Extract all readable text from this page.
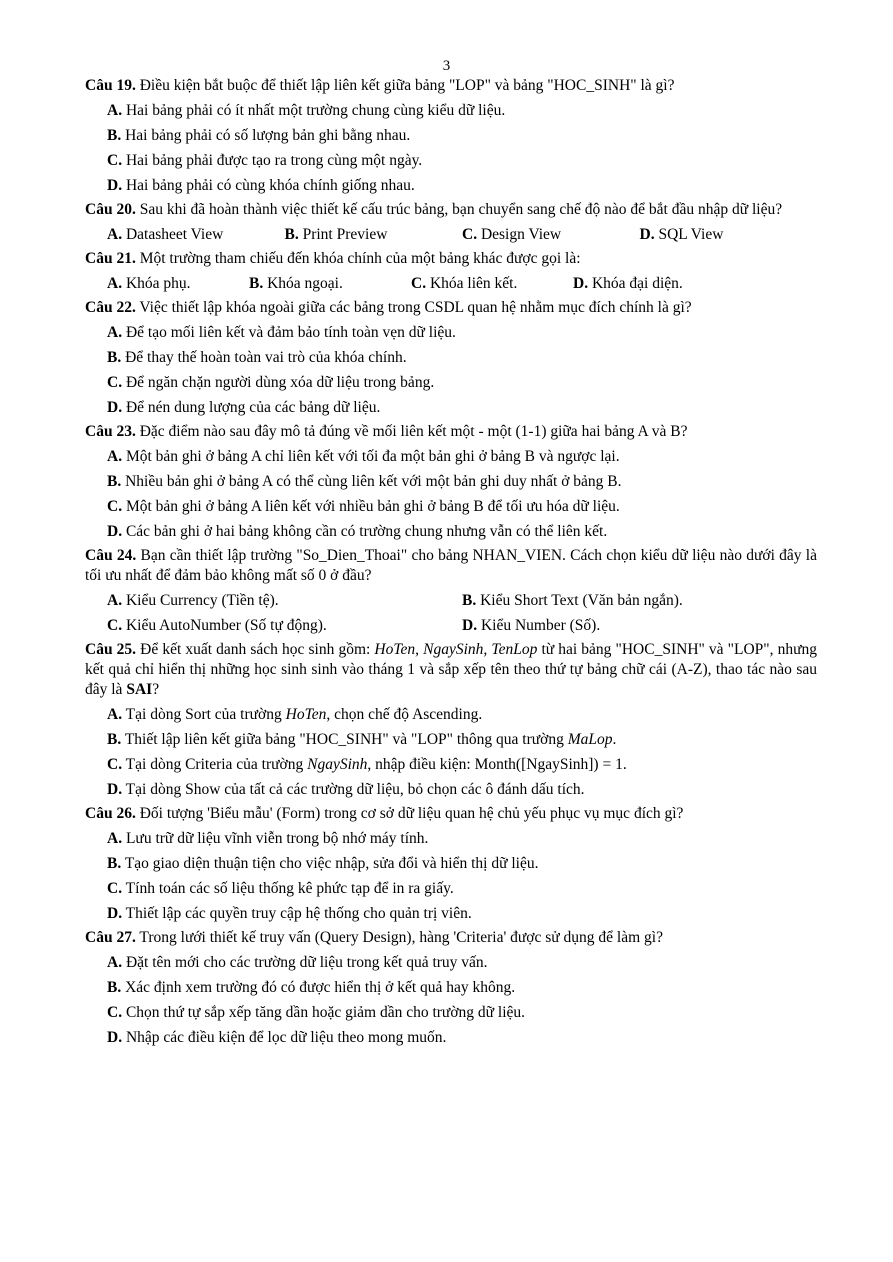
3
Câu 19. Điều kiện bắt buộc để thiết lập liên kết giữa bảng "LOP" và bảng "HOC_SINH" là gì?
A. Hai bảng phải có ít nhất một trường chung cùng kiểu dữ liệu.
B. Hai bảng phải có số lượng bản ghi bằng nhau.
C. Hai bảng phải được tạo ra trong cùng một ngày.
D. Hai bảng phải có cùng khóa chính giống nhau.
Câu 20. Sau khi đã hoàn thành việc thiết kế cấu trúc bảng, bạn chuyển sang chế độ nào để bắt đầu nhập dữ liệu?
A. Datasheet View	B. Print Preview	C. Design View	D. SQL View
Câu 21. Một trường tham chiếu đến khóa chính của một bảng khác được gọi là:
A. Khóa phụ.	B. Khóa ngoại.	C. Khóa liên kết.	D. Khóa đại diện.
Câu 22. Việc thiết lập khóa ngoài giữa các bảng trong CSDL quan hệ nhằm mục đích chính là gì?
A. Để tạo mối liên kết và đảm bảo tính toàn vẹn dữ liệu.
B. Để thay thế hoàn toàn vai trò của khóa chính.
C. Để ngăn chặn người dùng xóa dữ liệu trong bảng.
D. Để nén dung lượng của các bảng dữ liệu.
Câu 23. Đặc điểm nào sau đây mô tả đúng về mối liên kết một - một (1-1) giữa hai bảng A và B?
A. Một bản ghi ở bảng A chỉ liên kết với tối đa một bản ghi ở bảng B và ngược lại.
B. Nhiều bản ghi ở bảng A có thể cùng liên kết với một bản ghi duy nhất ở bảng B.
C. Một bản ghi ở bảng A liên kết với nhiều bản ghi ở bảng B để tối ưu hóa dữ liệu.
D. Các bản ghi ở hai bảng không cần có trường chung nhưng vẫn có thể liên kết.
Câu 24. Bạn cần thiết lập trường "So_Dien_Thoai" cho bảng NHAN_VIEN. Cách chọn kiểu dữ liệu nào dưới đây là tối ưu nhất để đảm bảo không mất số 0 ở đầu?
A. Kiểu Currency (Tiền tệ).	B. Kiểu Short Text (Văn bản ngắn).
C. Kiểu AutoNumber (Số tự động).	D. Kiểu Number (Số).
Câu 25. Để kết xuất danh sách học sinh gồm: HoTen, NgaySinh, TenLop từ hai bảng "HOC_SINH" và "LOP", nhưng kết quả chỉ hiển thị những học sinh sinh vào tháng 1 và sắp xếp tên theo thứ tự bảng chữ cái (A-Z), thao tác nào sau đây là SAI?
A. Tại dòng Sort của trường HoTen, chọn chế độ Ascending.
B. Thiết lập liên kết giữa bảng "HOC_SINH" và "LOP" thông qua trường MaLop.
C. Tại dòng Criteria của trường NgaySinh, nhập điều kiện: Month([NgaySinh]) = 1.
D. Tại dòng Show của tất cả các trường dữ liệu, bỏ chọn các ô đánh dấu tích.
Câu 26. Đối tượng 'Biểu mẫu' (Form) trong cơ sở dữ liệu quan hệ chủ yếu phục vụ mục đích gì?
A. Lưu trữ dữ liệu vĩnh viễn trong bộ nhớ máy tính.
B. Tạo giao diện thuận tiện cho việc nhập, sửa đổi và hiển thị dữ liệu.
C. Tính toán các số liệu thống kê phức tạp để in ra giấy.
D. Thiết lập các quyền truy cập hệ thống cho quản trị viên.
Câu 27. Trong lưới thiết kế truy vấn (Query Design), hàng 'Criteria' được sử dụng để làm gì?
A. Đặt tên mới cho các trường dữ liệu trong kết quả truy vấn.
B. Xác định xem trường đó có được hiển thị ở kết quả hay không.
C. Chọn thứ tự sắp xếp tăng dần hoặc giảm dần cho trường dữ liệu.
D. Nhập các điều kiện để lọc dữ liệu theo mong muốn.
